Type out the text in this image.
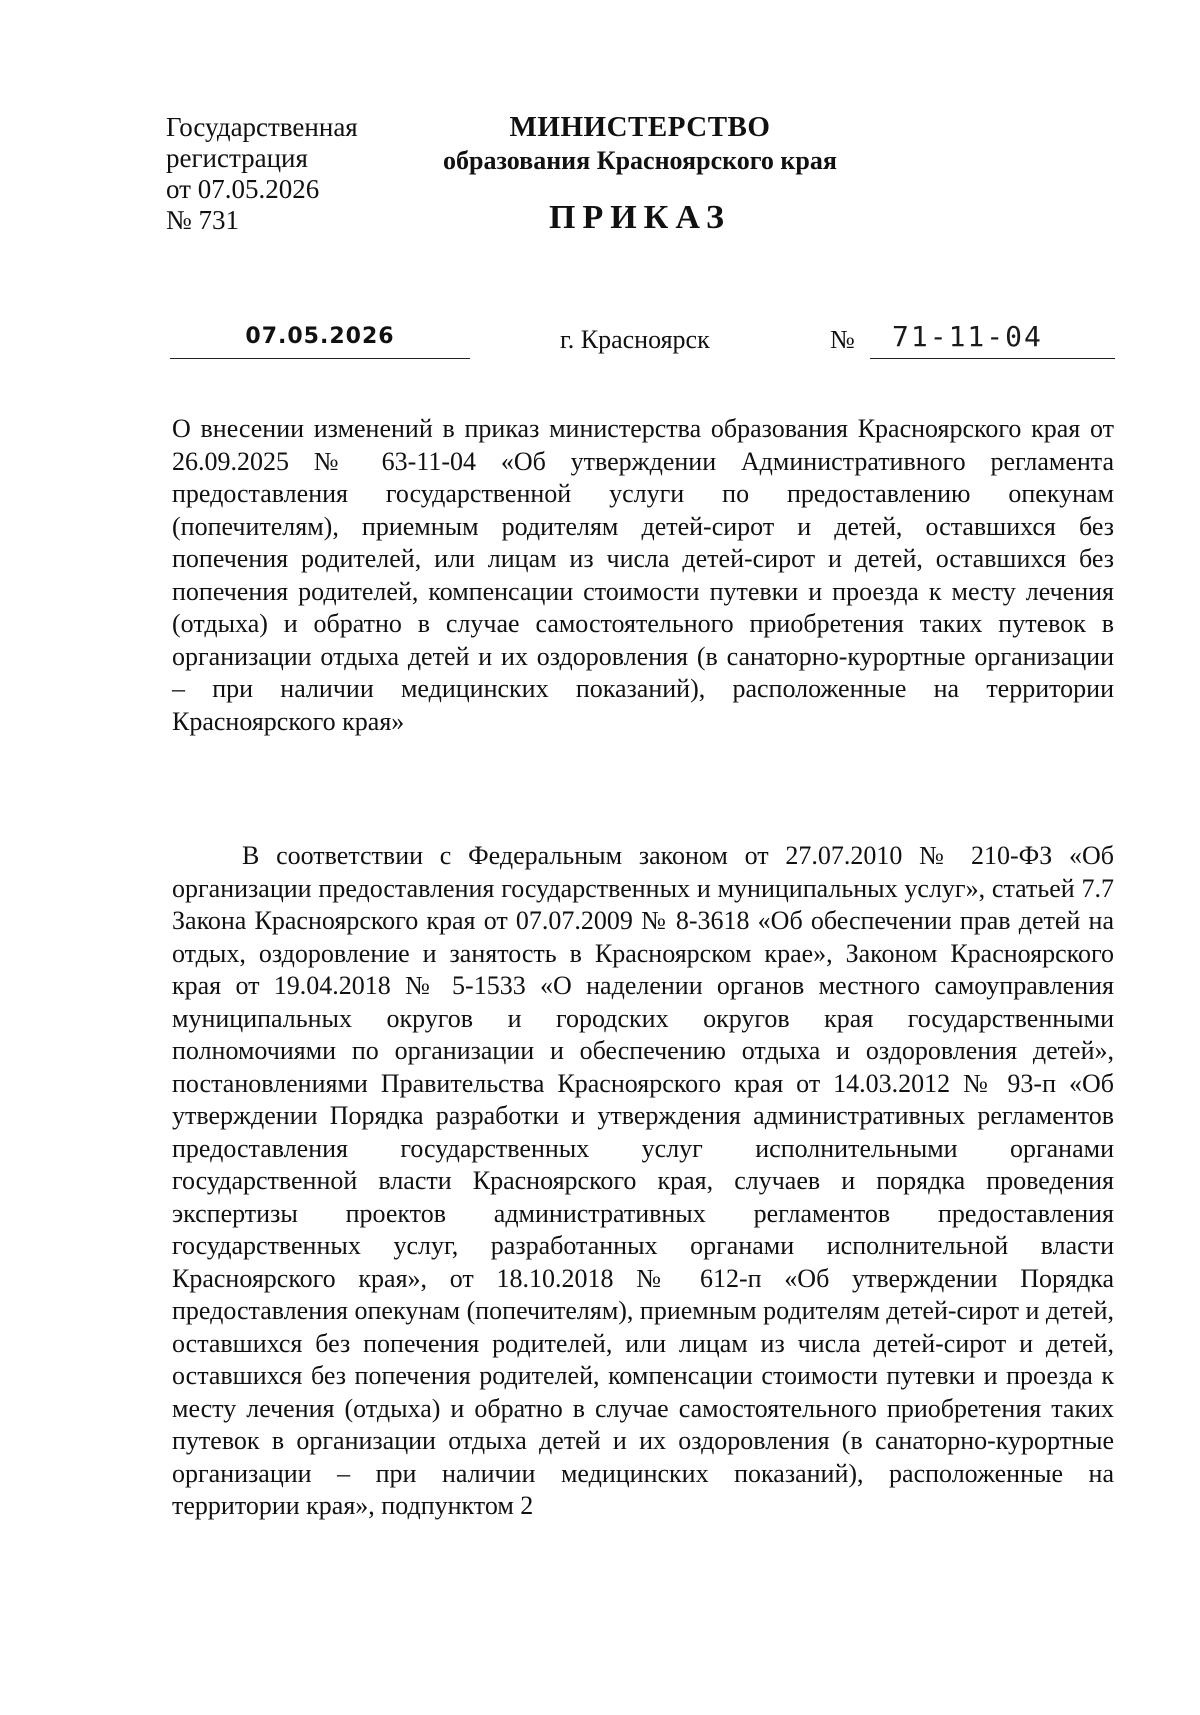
Государственная
регистрация
от 07.05.2026
№ 731
МИНИСТЕРСТВО
образования Красноярского края
ПРИКАЗ
07.05.2026	г. Красноярск	№ 71-11-04
О внесении изменений в приказ министерства образования Красноярского края от 26.09.2025 № 63-11-04 «Об утверждении Административного регламента предоставления государственной услуги по предоставлению опекунам (попечителям), приемным родителям детей-сирот и детей, оставшихся без попечения родителей, или лицам из числа детей-сирот и детей, оставшихся без попечения родителей, компенсации стоимости путевки и проезда к месту лечения (отдыха) и обратно в случае самостоятельного приобретения таких путевок в организации отдыха детей и их оздоровления (в санаторно-курортные организации – при наличии медицинских показаний), расположенные на территории Красноярского края»
В соответствии с Федеральным законом от 27.07.2010 № 210-ФЗ «Об организации предоставления государственных и муниципальных услуг», статьей 7.7 Закона Красноярского края от 07.07.2009 № 8-3618 «Об обеспечении прав детей на отдых, оздоровление и занятость в Красноярском крае», Законом Красноярского края от 19.04.2018 № 5-1533 «О наделении органов местного самоуправления муниципальных округов и городских округов края государственными полномочиями по организации и обеспечению отдыха и оздоровления детей», постановлениями Правительства Красноярского края от 14.03.2012 № 93-п «Об утверждении Порядка разработки и утверждения административных регламентов предоставления государственных услуг исполнительными органами государственной власти Красноярского края, случаев и порядка проведения экспертизы проектов административных регламентов предоставления государственных услуг, разработанных органами исполнительной власти Красноярского края», от 18.10.2018 № 612-п «Об утверждении Порядка предоставления опекунам (попечителям), приемным родителям детей-сирот и детей, оставшихся без попечения родителей, или лицам из числа детей-сирот и детей, оставшихся без попечения родителей, компенсации стоимости путевки и проезда к месту лечения (отдыха) и обратно в случае самостоятельного приобретения таких путевок в организации отдыха детей и их оздоровления (в санаторно-курортные организации – при наличии медицинских показаний), расположенные на территории края», подпунктом 2
